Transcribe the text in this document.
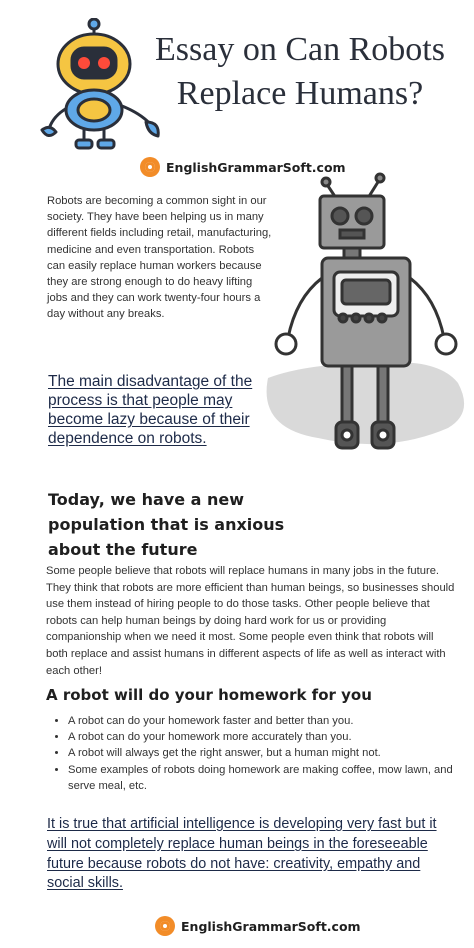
Essay on Can Robots Replace Humans?
EnglishGrammarSoft.com

Robots are becoming a common sight in our society. They have been helping us in many different fields including retail, manufacturing, medicine and even transportation. Robots can easily replace human workers because they are strong enough to do heavy lifting jobs and they can work twenty-four hours a day without any breaks.

The main disadvantage of the process is that people may become lazy because of their dependence on robots.

Today, we have a new population that is anxious about the future

Some people believe that robots will replace humans in many jobs in the future. They think that robots are more efficient than human beings, so businesses should use them instead of hiring people to do those tasks. Other people believe that robots can help human beings by doing hard work for us or providing companionship when we need it most. Some people even think that robots will both replace and assist humans in different aspects of life as well as interact with each other!

A robot will do your homework for you
• A robot can do your homework faster and better than you.
• A robot can do your homework more accurately than you.
• A robot will always get the right answer, but a human might not.
• Some examples of robots doing homework are making coffee, mow lawn, and serve meal, etc.

It is true that artificial intelligence is developing very fast but it will not completely replace human beings in the foreseeable future because robots do not have: creativity, empathy and social skills.

EnglishGrammarSoft.com
